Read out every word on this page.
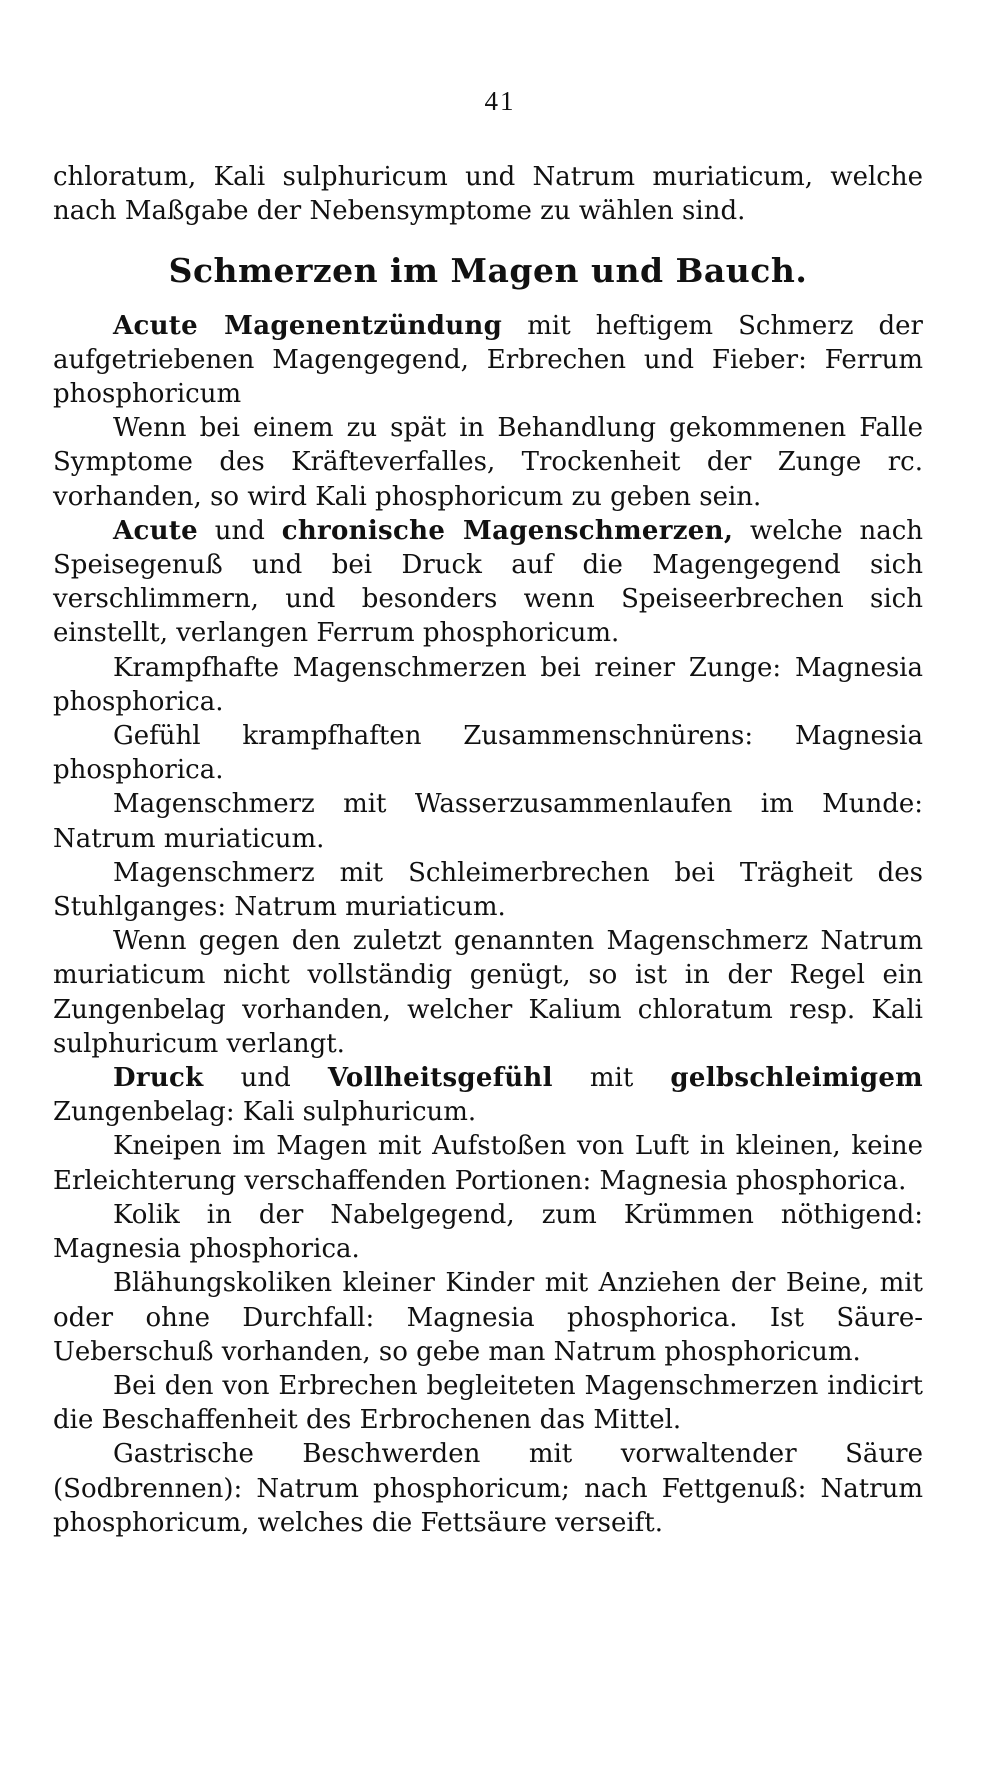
41

chloratum, Kali sulphuricum und Natrum muriaticum, welche nach Maßgabe der Nebensymptome zu wählen sind.

Schmerzen im Magen und Bauch.

Acute Magenentzündung mit heftigem Schmerz der aufgetriebenen Magengegend, Erbrechen und Fieber: Ferrum phosphoricum

Wenn bei einem zu spät in Behandlung gekommenen Falle Symptome des Kräfteverfalles, Trockenheit der Zunge rc. vorhanden, so wird Kali phosphoricum zu geben sein.

Acute und chronische Magenschmerzen, welche nach Speisegenuß und bei Druck auf die Magengegend sich verschlimmern, und besonders wenn Speiseerbrechen sich einstellt, verlangen Ferrum phosphoricum.

Krampfhafte Magenschmerzen bei reiner Zunge: Magnesia phosphorica.

Gefühl krampfhaften Zusammenschnürens: Magnesia phosphorica.

Magenschmerz mit Wasserzusammenlaufen im Munde: Natrum muriaticum.

Magenschmerz mit Schleimerbrechen bei Trägheit des Stuhlganges: Natrum muriaticum.

Wenn gegen den zuletzt genannten Magenschmerz Natrum muriaticum nicht vollständig genügt, so ist in der Regel ein Zungenbelag vorhanden, welcher Kalium chloratum resp. Kali sulphuricum verlangt.

Druck und Vollheitsgefühl mit gelbschleimigem Zungenbelag: Kali sulphuricum.

Kneipen im Magen mit Aufstoßen von Luft in kleinen, keine Erleichterung verschaffenden Portionen: Magnesia phosphorica.

Kolik in der Nabelgegend, zum Krümmen nöthigend: Magnesia phosphorica.

Blähungskoliken kleiner Kinder mit Anziehen der Beine, mit oder ohne Durchfall: Magnesia phosphorica. Ist Säure-Ueberschuß vorhanden, so gebe man Natrum phosphoricum.

Bei den von Erbrechen begleiteten Magenschmerzen indicirt die Beschaffenheit des Erbrochenen das Mittel.

Gastrische Beschwerden mit vorwaltender Säure (Sodbrennen): Natrum phosphoricum; nach Fettgenuß: Natrum phosphoricum, welches die Fettsäure verseift.
